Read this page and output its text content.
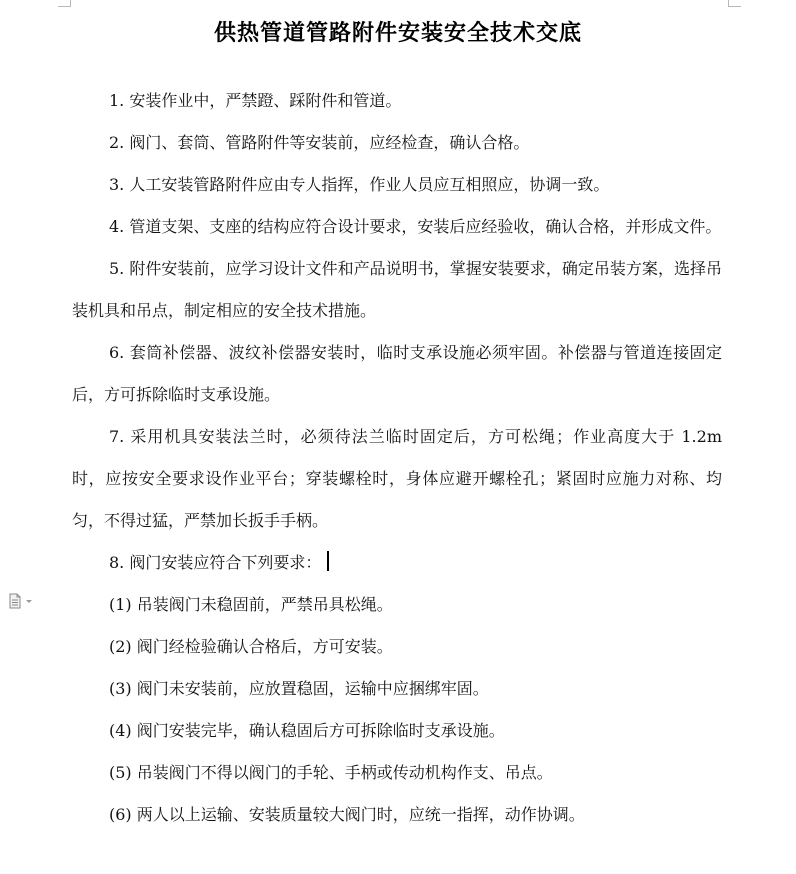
供热管道管路附件安装安全技术交底

1. 安装作业中，严禁蹬、踩附件和管道。

2. 阀门、套筒、管路附件等安装前，应经检查，确认合格。

3. 人工安装管路附件应由专人指挥，作业人员应互相照应，协调一致。

4. 管道支架、支座的结构应符合设计要求，安装后应经验收，确认合格，并形成文件。

5. 附件安装前，应学习设计文件和产品说明书，掌握安装要求，确定吊装方案，选择吊装机具和吊点，制定相应的安全技术措施。

6. 套筒补偿器、波纹补偿器安装时，临时支承设施必须牢固。补偿器与管道连接固定后，方可拆除临时支承设施。

7. 采用机具安装法兰时，必须待法兰临时固定后，方可松绳；作业高度大于 1.2m 时，应按安全要求设作业平台；穿装螺栓时，身体应避开螺栓孔；紧固时应施力对称、均匀，不得过猛，严禁加长扳手手柄。

8. 阀门安装应符合下列要求：

(1) 吊装阀门未稳固前，严禁吊具松绳。

(2) 阀门经检验确认合格后，方可安装。

(3) 阀门未安装前，应放置稳固，运输中应捆绑牢固。

(4) 阀门安装完毕，确认稳固后方可拆除临时支承设施。

(5) 吊装阀门不得以阀门的手轮、手柄或传动机构作支、吊点。

(6) 两人以上运输、安装质量较大阀门时，应统一指挥，动作协调。
